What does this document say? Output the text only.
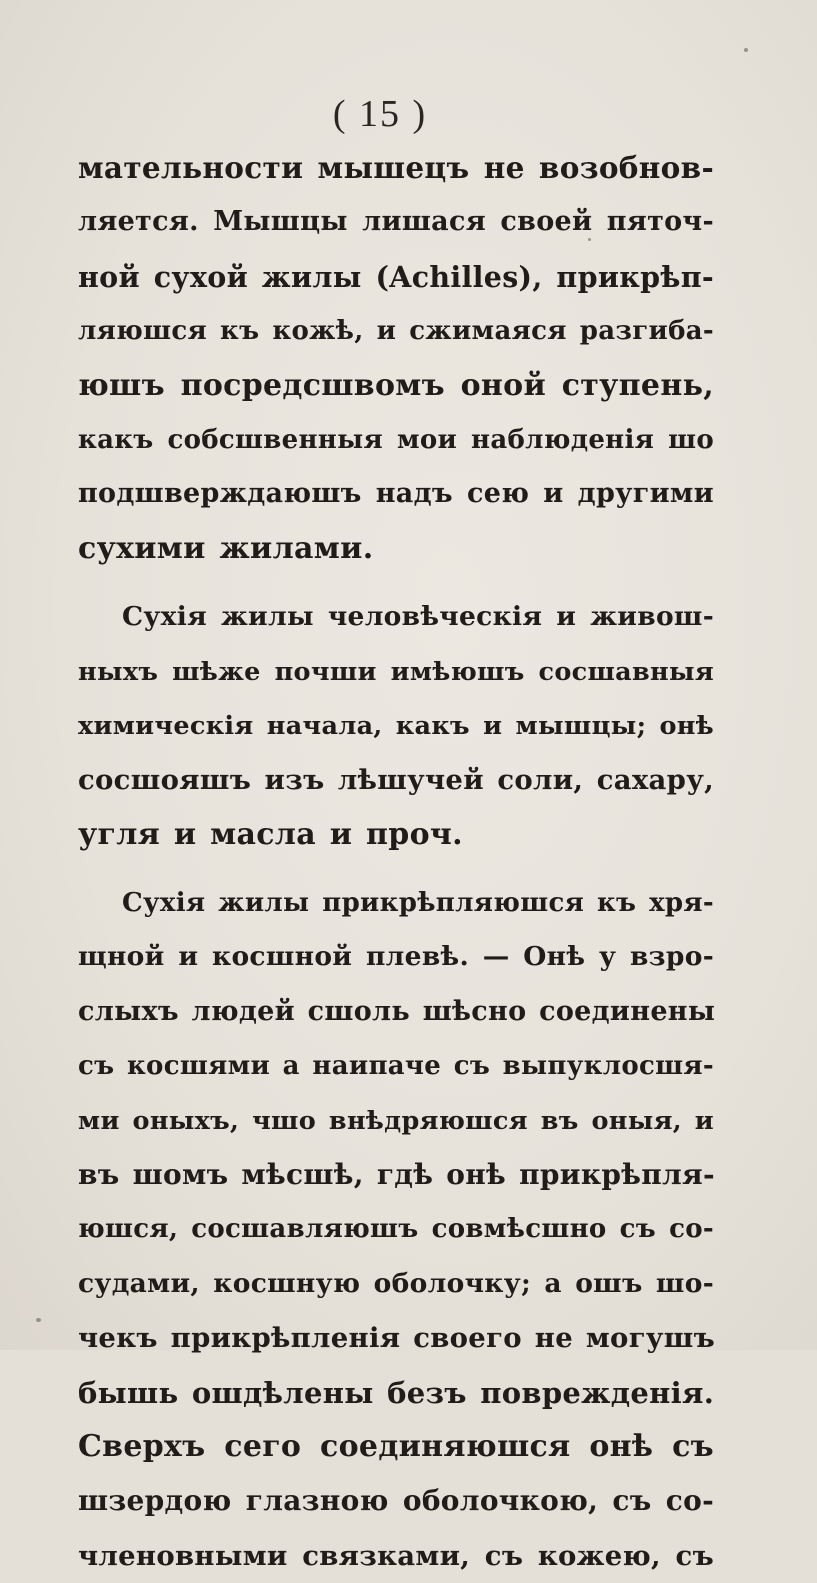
( 15 )
мательности мышецъ не возобнов-
ляется. Мышцы лишася своей пяточ-
ной сухой жилы (Achilles), прикрѣп-
ляюшся къ кожѣ, и сжимаяся разгиба-
юшъ посредсшвомъ оной ступень,
какъ собсшвенныя мои наблюденія шо
подшверждаюшъ надъ сею и другими
сухими жилами.
Сухія жилы человѣческія и живош-
ныхъ шѣже почши имѣюшъ сосшавныя
химическія начала, какъ и мышцы; онѣ
сосшояшъ изъ лѣшучей соли, сахару,
угля и масла и проч.
Сухія жилы прикрѣпляюшся къ хря-
щной и косшной плевѣ. — Онѣ у взро-
слыхъ людей сшоль шѣсно соединены
съ косшями а наипаче съ выпуклосшя-
ми оныхъ, чшо внѣдряюшся въ оныя, и
въ шомъ мѣсшѣ, гдѣ онѣ прикрѣпля-
юшся, сосшавляюшъ совмѣсшно съ со-
судами, косшную оболочку; а ошъ шо-
чекъ прикрѣпленія своего не могушъ
бышь ошдѣлены безъ поврежденія.
Сверхъ сего соединяюшся онѣ съ
шзердою глазною оболочкою, съ со-
члeновными связками, съ кожею, съ
